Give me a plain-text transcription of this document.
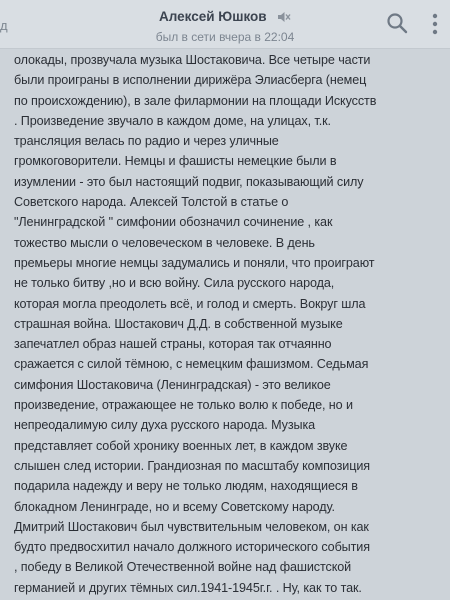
д
Алексей Юшков
был в сети вчера в 22:04

олокады, прозвучала музыка Шостаковича. Все четыре части

были проиграны в исполнении дирижёра Элиасберга (немец

по происхождению), в зале филармонии на площади Искусств

. Произведение звучало в каждом доме, на улицах, т.к.

трансляция велась по радио и через уличные

громкоговорители. Немцы и фашисты немецкие были в

изумлении - это был настоящий подвиг, показывающий силу

Советского народа. Алексей Толстой в статье о

"Ленинградской " симфонии обозначил сочинение , как

тожество мысли о человеческом в человеке. В день

премьеры многие немцы задумались и поняли, что проиграют

не только битву ,но и всю войну. Сила русского народа,

которая могла преодолеть всё, и голод и смерть. Вокруг шла

страшная война. Шостакович Д.Д. в собственной музыке

запечатлел образ нашей страны, которая так отчаянно

сражается с силой тёмною, с немецким фашизмом. Седьмая

симфония Шостаковича (Ленинградская) - это великое

произведение, отражающее не только волю к победе, но и

непреодалимую силу духа русского народа. Музыка

представляет собой хронику военных лет, в каждом звуке

слышен след истории. Грандиозная по масштабу композиция

подарила надежду и веру не только людям, находящиеся в

блокадном Ленинграде, но и всему Советскому народу.

Дмитрий Шостакович был чувствительным человеком, он как

будто предвосхитил начало должного исторического события

, победу в Великой Отечественной войне над фашистской

германией и других тёмных сил.1941-1945г.г. . Ну, как то так.
